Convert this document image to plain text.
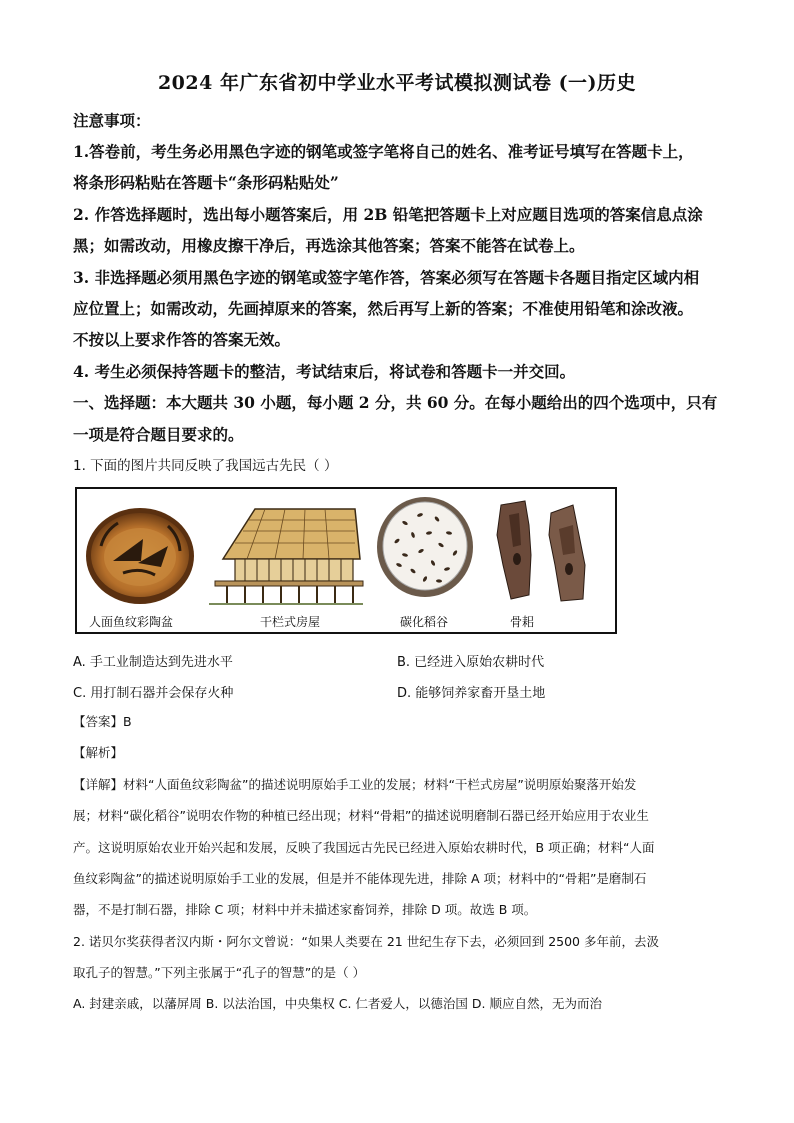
2024 年广东省初中学业水平考试模拟测试卷 (一)历史
注意事项：
1.答卷前，考生务必用黑色字迹的钢笔或签字笔将自己的姓名、准考证号填写在答题卡上，
将条形码粘贴在答题卡“条形码粘贴处”
2. 作答选择题时，选出每小题答案后，用 2B 铅笔把答题卡上对应题目选项的答案信息点涂
黑；如需改动，用橡皮擦干净后，再选涂其他答案；答案不能答在试卷上。
3. 非选择题必须用黑色字迹的钢笔或签字笔作答，答案必须写在答题卡各题目指定区域内相
应位置上；如需改动，先画掉原来的答案，然后再写上新的答案；不准使用铅笔和涂改液。
不按以上要求作答的答案无效。
4. 考生必须保持答题卡的整洁，考试结束后，将试卷和答题卡一并交回。
一、选择题：本大题共 30 小题，每小题 2 分，共 60 分。在每小题给出的四个选项中，只有
一项是符合题目要求的。
1. 下面的图片共同反映了我国远古先民（ ）
人面鱼纹彩陶盆	干栏式房屋	碳化稻谷	骨耜
A. 手工业制造达到先进水平	B. 已经进入原始农耕时代
C. 用打制石器并会保存火种	D. 能够饲养家畜开垦土地
【答案】B
【解析】
【详解】材料“人面鱼纹彩陶盆”的描述说明原始手工业的发展；材料“干栏式房屋”说明原始聚落开始发
展；材料“碳化稻谷”说明农作物的种植已经出现；材料“骨耜”的描述说明磨制石器已经开始应用于农业生
产。这说明原始农业开始兴起和发展，反映了我国远古先民已经进入原始农耕时代，B 项正确；材料“人面
鱼纹彩陶盆”的描述说明原始手工业的发展，但是并不能体现先进，排除 A 项；材料中的“骨耜”是磨制石
器，不是打制石器，排除 C 项；材料中并未描述家畜饲养，排除 D 项。故选 B 项。
2. 诺贝尔奖获得者汉内斯・阿尔文曾说：“如果人类要在 21 世纪生存下去，必须回到 2500 多年前，去汲
取孔子的智慧。”下列主张属于“孔子的智慧”的是（ ）
A. 封建亲戚，以藩屏周 B. 以法治国，中央集权 C. 仁者爱人，以德治国 D. 顺应自然，无为而治
